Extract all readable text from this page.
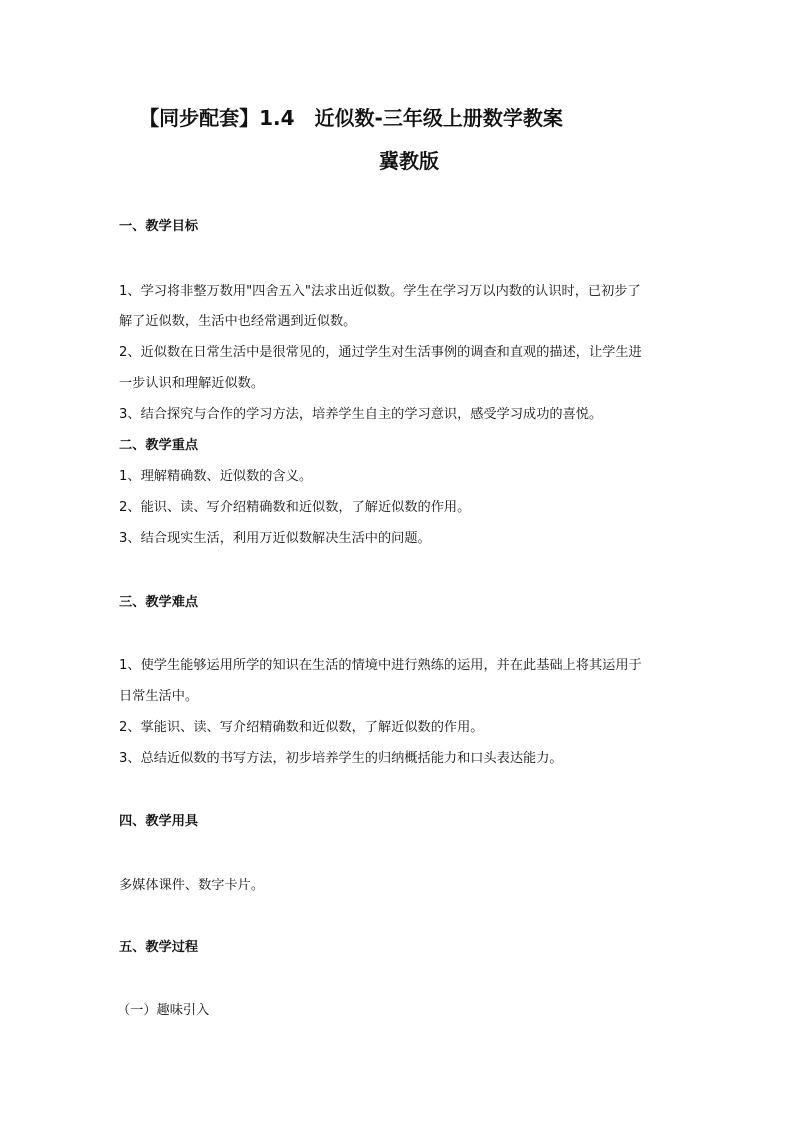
【同步配套】1.4　近似数-三年级上册数学教案
冀教版
一、教学目标
1、学习将非整万数用"四舍五入"法求出近似数。学生在学习万以内数的认识时，已初步了
解了近似数，生活中也经常遇到近似数。
2、近似数在日常生活中是很常见的，通过学生对生活事例的调查和直观的描述，让学生进
一步认识和理解近似数。
3、结合探究与合作的学习方法，培养学生自主的学习意识，感受学习成功的喜悦。
二、教学重点
1、理解精确数、近似数的含义。
2、能识、读、写介绍精确数和近似数，了解近似数的作用。
3、结合现实生活，利用万近似数解决生活中的问题。
三、教学难点
1、使学生能够运用所学的知识在生活的情境中进行熟练的运用，并在此基础上将其运用于
日常生活中。
2、掌能识、读、写介绍精确数和近似数，了解近似数的作用。
3、总结近似数的书写方法，初步培养学生的归纳概括能力和口头表达能力。
四、教学用具
多媒体课件、数字卡片。
五、教学过程
（一）趣味引入
